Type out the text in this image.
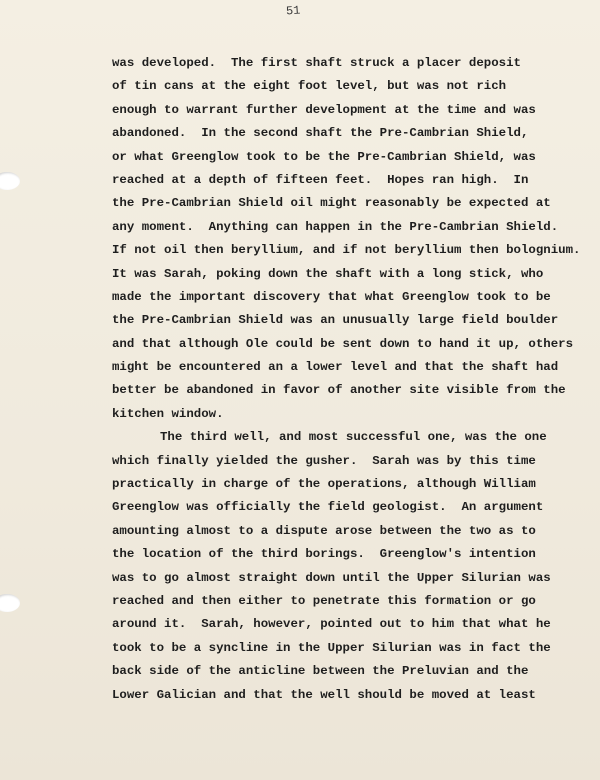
51
was developed.  The first shaft struck a placer deposit
of tin cans at the eight foot level, but was not rich
enough to warrant further development at the time and was
abandoned.  In the second shaft the Pre-Cambrian Shield,
or what Greenglow took to be the Pre-Cambrian Shield, was
reached at a depth of fifteen feet.  Hopes ran high.  In
the Pre-Cambrian Shield oil might reasonably be expected at
any moment.  Anything can happen in the Pre-Cambrian Shield.
If not oil then beryllium, and if not beryllium then bolognium.
It was Sarah, poking down the shaft with a long stick, who
made the important discovery that what Greenglow took to be
the Pre-Cambrian Shield was an unusually large field boulder
and that although Ole could be sent down to hand it up, others
might be encountered an a lower level and that the shaft had
better be abandoned in favor of another site visible from the
kitchen window.
The third well, and most successful one, was the one
which finally yielded the gusher.  Sarah was by this time
practically in charge of the operations, although William
Greenglow was officially the field geologist.  An argument
amounting almost to a dispute arose between the two as to
the location of the third borings.  Greenglow's intention
was to go almost straight down until the Upper Silurian was
reached and then either to penetrate this formation or go
around it.  Sarah, however, pointed out to him that what he
took to be a syncline in the Upper Silurian was in fact the
back side of the anticline between the Preluvian and the
Lower Galician and that the well should be moved at least
